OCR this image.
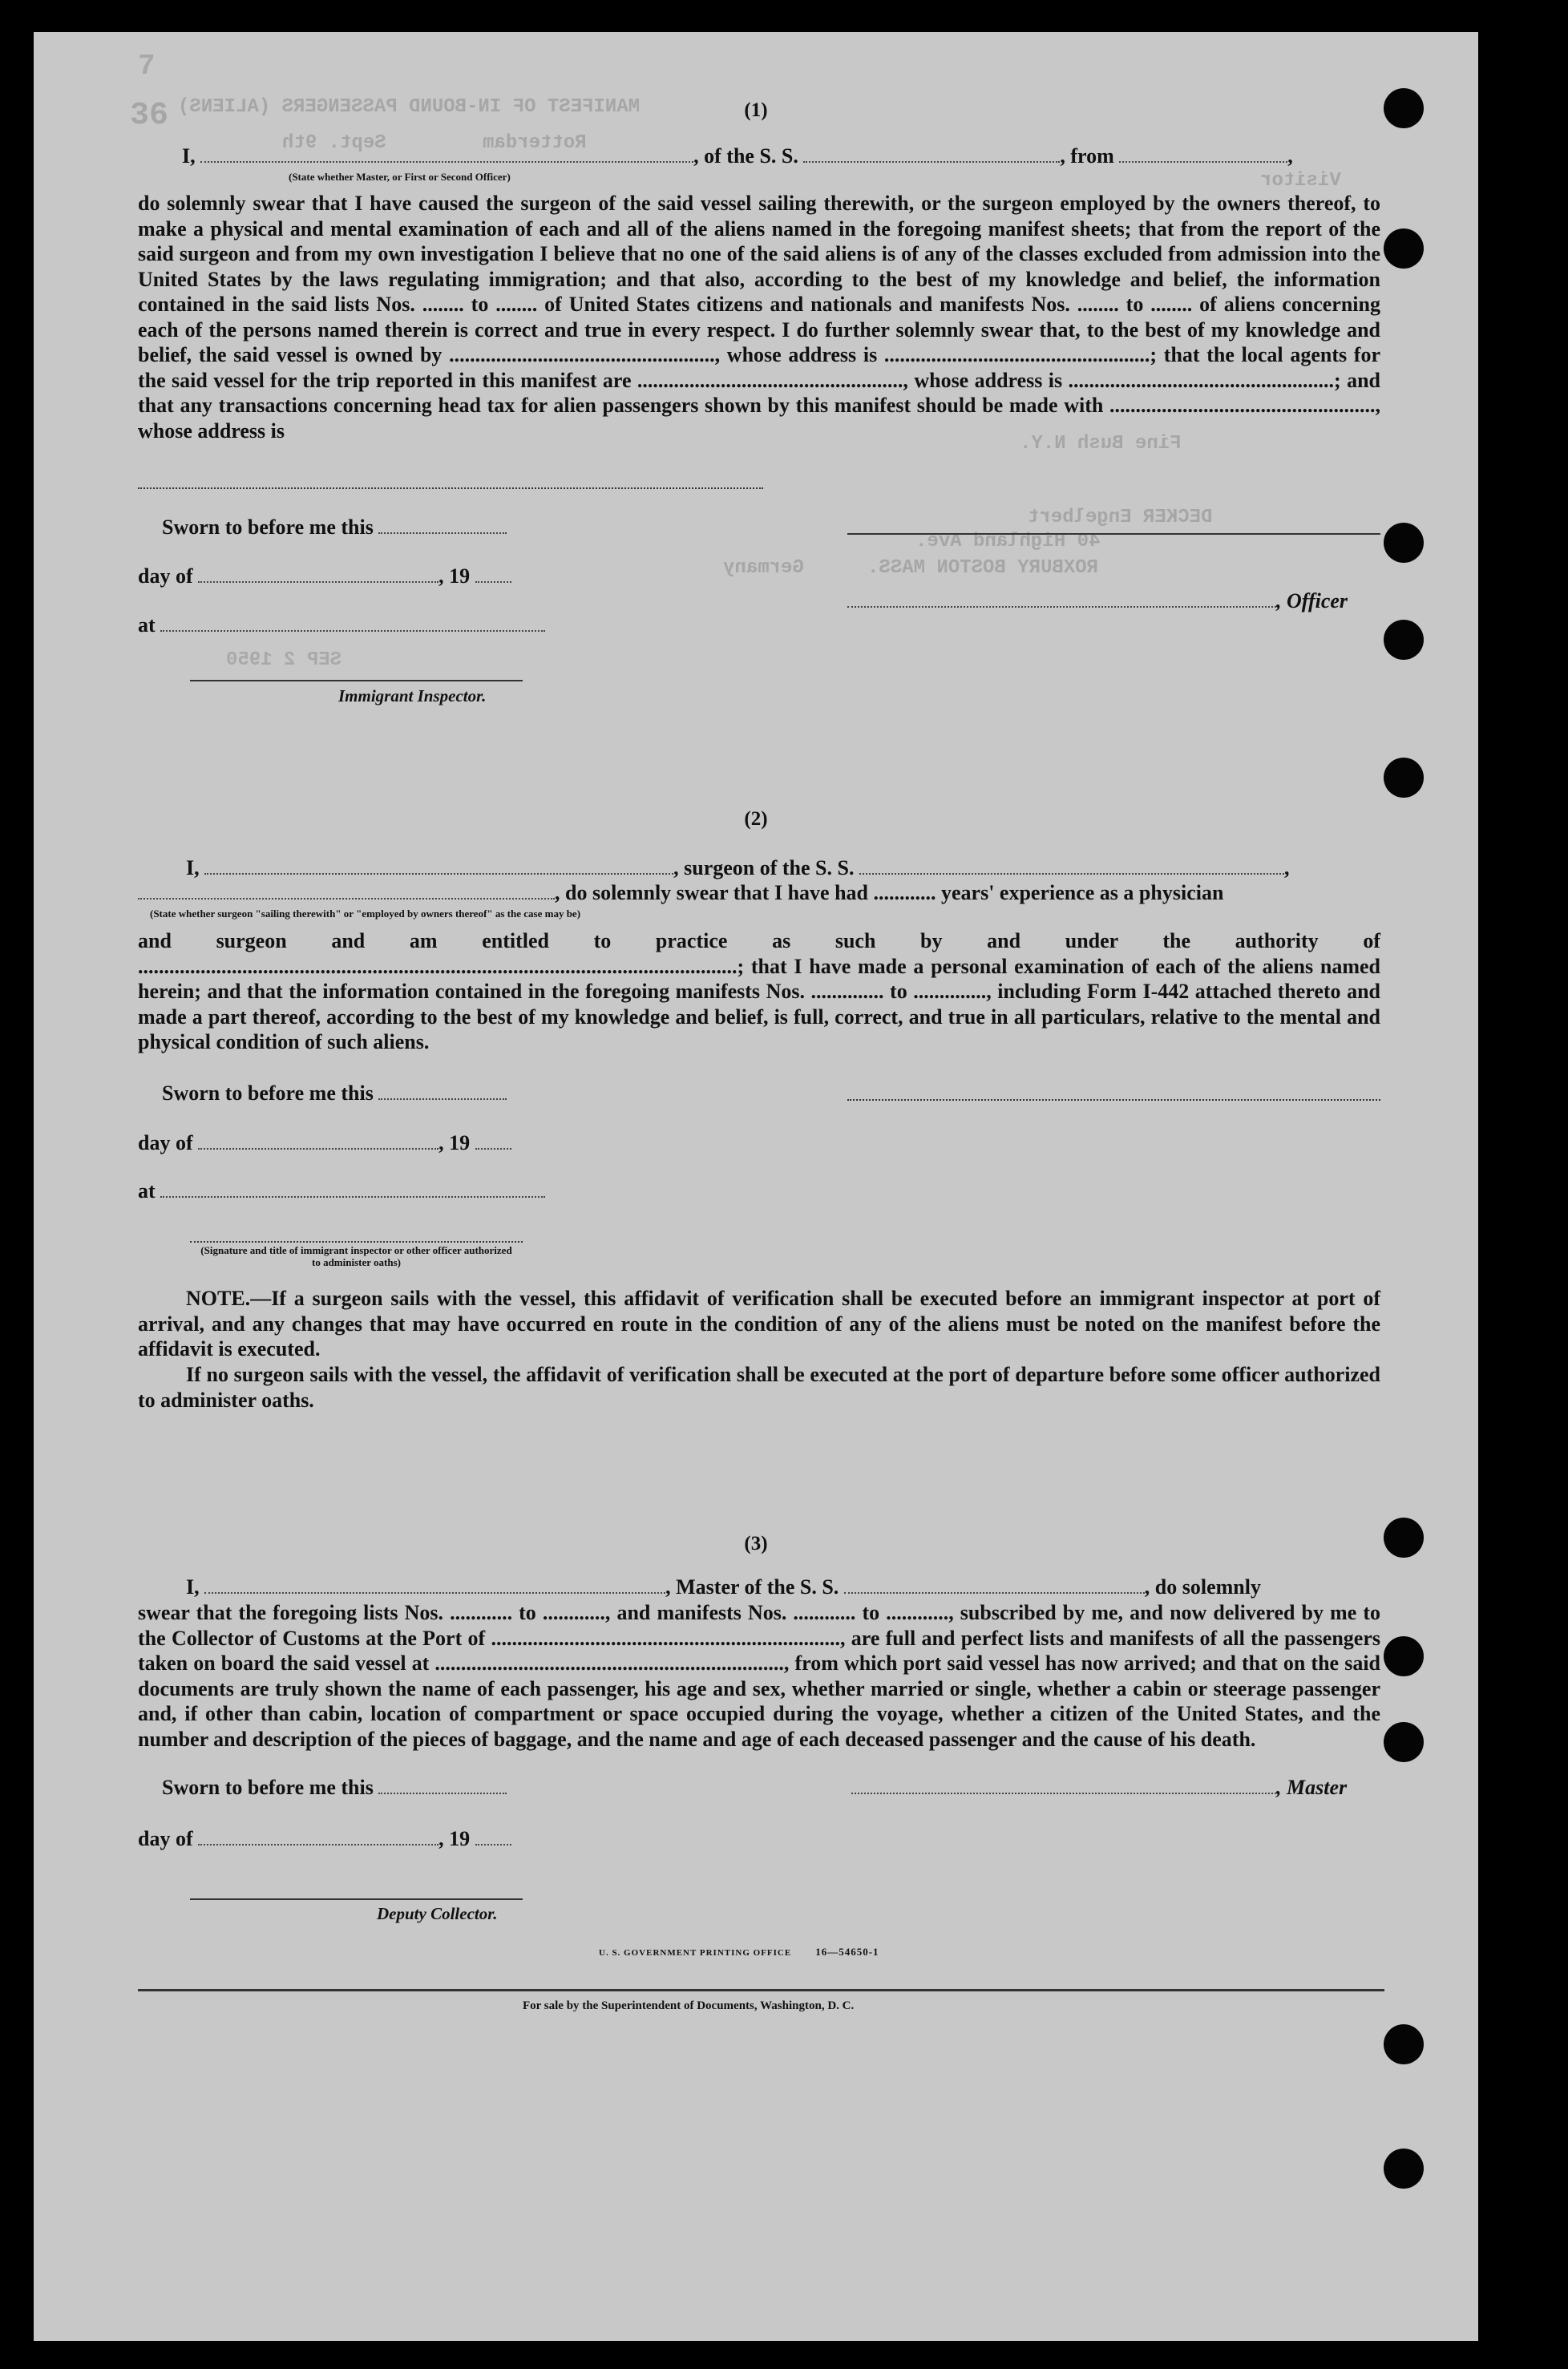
MANIFEST OF IN-BOUND PASSENGERS (ALIENS)
36
7
Rotterdam
Sept. 9th
Visitor
Fine Bush N.Y.
40 Highland Ave.
DECKER Engelbert
ROXBURY BOSTON MASS.
Germany
SEP 2 1950
(1)
I,	, of the S. S.	, from	,
(State whether Master, or First or Second Officer)
do solemnly swear that I have caused the surgeon of the said vessel sailing therewith, or the surgeon employed by the owners thereof, to make a physical and mental examination of each and all of the aliens named in the foregoing manifest sheets; that from the report of the said surgeon and from my own investigation I believe that no one of the said aliens is of any of the classes excluded from admission into the United States by the laws regulating immigration; and that also, according to the best of my knowledge and belief, the information contained in the said lists Nos. ........ to ........ of United States citizens and nationals and manifests Nos. ........ to ........ of aliens concerning each of the persons named therein is correct and true in every respect. I do further solemnly swear that, to the best of my knowledge and belief, the said vessel is owned by ..................................................., whose address is ...................................................; that the local agents for the said vessel for the trip reported in this manifest are ..................................................., whose address is ...................................................; and that any transactions concerning head tax for alien passengers shown by this manifest should be made with ..................................................., whose address is
Sworn to before me this
day of	, 19
, Officer
at
Immigrant Inspector.
(2)
I,	, surgeon of the S. S.	,
, do solemnly swear that I have had ............ years' experience as a physician
(State whether surgeon "sailing therewith" or "employed by owners thereof" as the case may be)
and surgeon and am entitled to practice as such by and under the authority of ...................................................................................................................; that I have made a personal examination of each of the aliens named herein; and that the information contained in the foregoing manifests Nos. .............. to .............., including Form I-442 attached thereto and made a part thereof, according to the best of my knowledge and belief, is full, correct, and true in all particulars, relative to the mental and physical condition of such aliens.
Sworn to before me this
day of	, 19
at
(Signature and title of immigrant inspector or other officer authorized to administer oaths)
NOTE.—If a surgeon sails with the vessel, this affidavit of verification shall be executed before an immigrant inspector at port of arrival, and any changes that may have occurred en route in the condition of any of the aliens must be noted on the manifest before the affidavit is executed.
If no surgeon sails with the vessel, the affidavit of verification shall be executed at the port of departure before some officer authorized to administer oaths.
(3)
I,	, Master of the S. S.	, do solemnly
swear that the foregoing lists Nos. ............ to ............, and manifests Nos. ............ to ............, subscribed by me, and now delivered by me to the Collector of Customs at the Port of ..................................................................., are full and perfect lists and manifests of all the passengers taken on board the said vessel at ..................................................................., from which port said vessel has now arrived; and that on the said documents are truly shown the name of each passenger, his age and sex, whether married or single, whether a cabin or steerage passenger and, if other than cabin, location of compartment or space occupied during the voyage, whether a citizen of the United States, and the number and description of the pieces of baggage, and the name and age of each deceased passenger and the cause of his death.
Sworn to before me this	, Master
day of	, 19
Deputy Collector.
U. S. GOVERNMENT PRINTING OFFICE 16—54650-1
For sale by the Superintendent of Documents, Washington, D. C.
